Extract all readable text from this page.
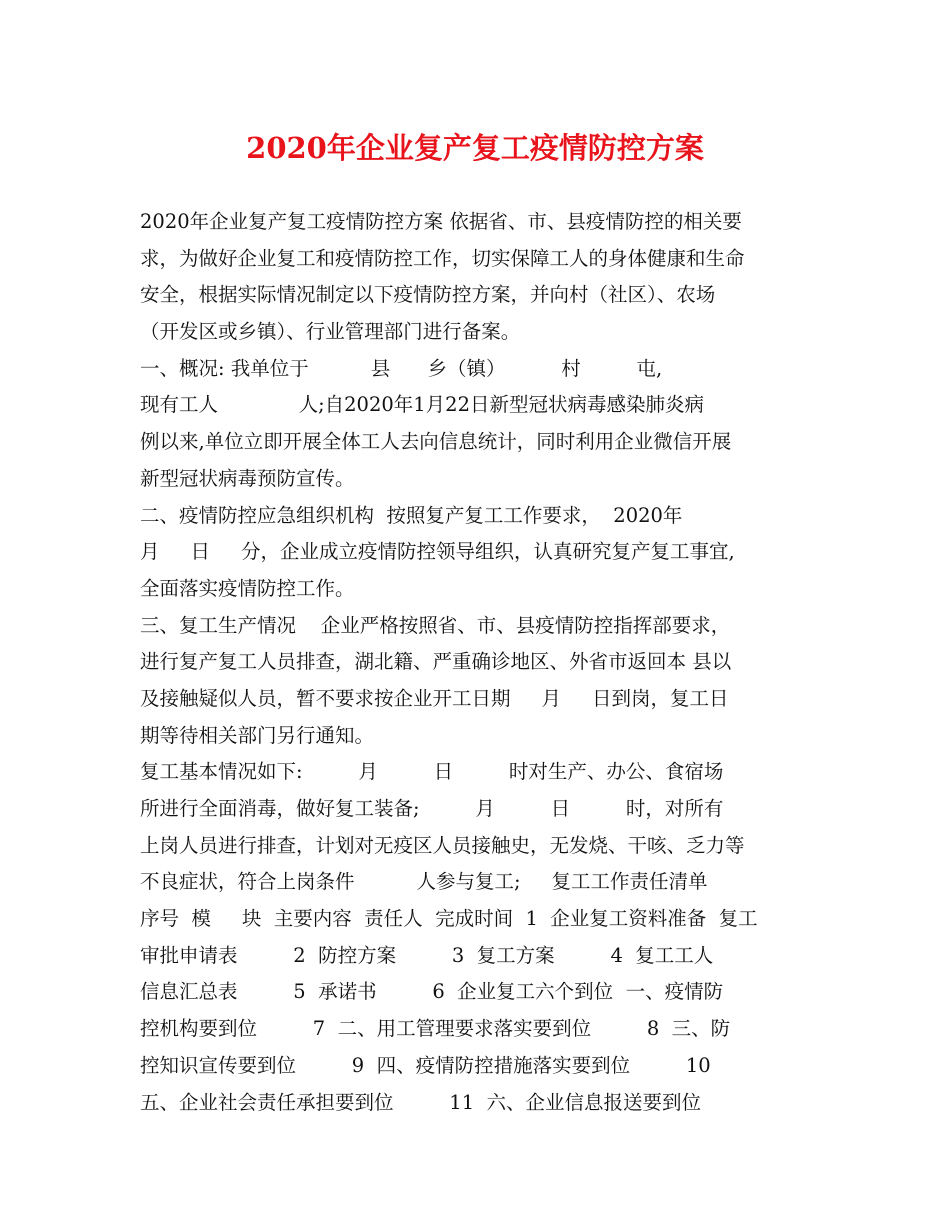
2020年企业复产复工疫情防控方案
2020年企业复产复工疫情防控方案 依据省、市、县疫情防控的相关要
求，为做好企业复工和疫情防控工作，切实保障工人的身体健康和生命
安全，根据实际情况制定以下疫情防控方案，并向村（社区）、农场
（开发区或乡镇）、行业管理部门进行备案。
一、概况: 我单位于          县      乡（镇）         村         屯,
现有工人             人;自2020年1月22日新型冠状病毒感染肺炎病
例以来,单位立即开展全体工人去向信息统计，同时利用企业微信开展
新型冠状病毒预防宣传。
二、疫情防控应急组织机构  按照复产复工工作要求，  2020年
月     日     分，企业成立疫情防控领导组织，认真研究复产复工事宜,
全面落实疫情防控工作。
三、复工生产情况    企业严格按照省、市、县疫情防控指挥部要求，
进行复产复工人员排查，湖北籍、严重确诊地区、外省市返回本 县以
及接触疑似人员，暂不要求按企业开工日期     月     日到岗，复工日
期等待相关部门另行通知。
复工基本情况如下:         月         日         时对生产、办公、食宿场
所进行全面消毒，做好复工装备;         月         日         时，对所有
上岗人员进行排查，计划对无疫区人员接触史，无发烧、干咳、乏力等
不良症状，符合上岗条件          人参与复工;     复工工作责任清单
序号  模     块  主要内容  责任人  完成时间  1  企业复工资料准备  复工
审批申请表         2  防控方案         3  复工方案         4  复工工人
信息汇总表         5  承诺书         6  企业复工六个到位  一、疫情防
控机构要到位         7  二、用工管理要求落实要到位         8  三、防
控知识宣传要到位         9  四、疫情防控措施落实要到位         10
五、企业社会责任承担要到位         11  六、企业信息报送要到位
